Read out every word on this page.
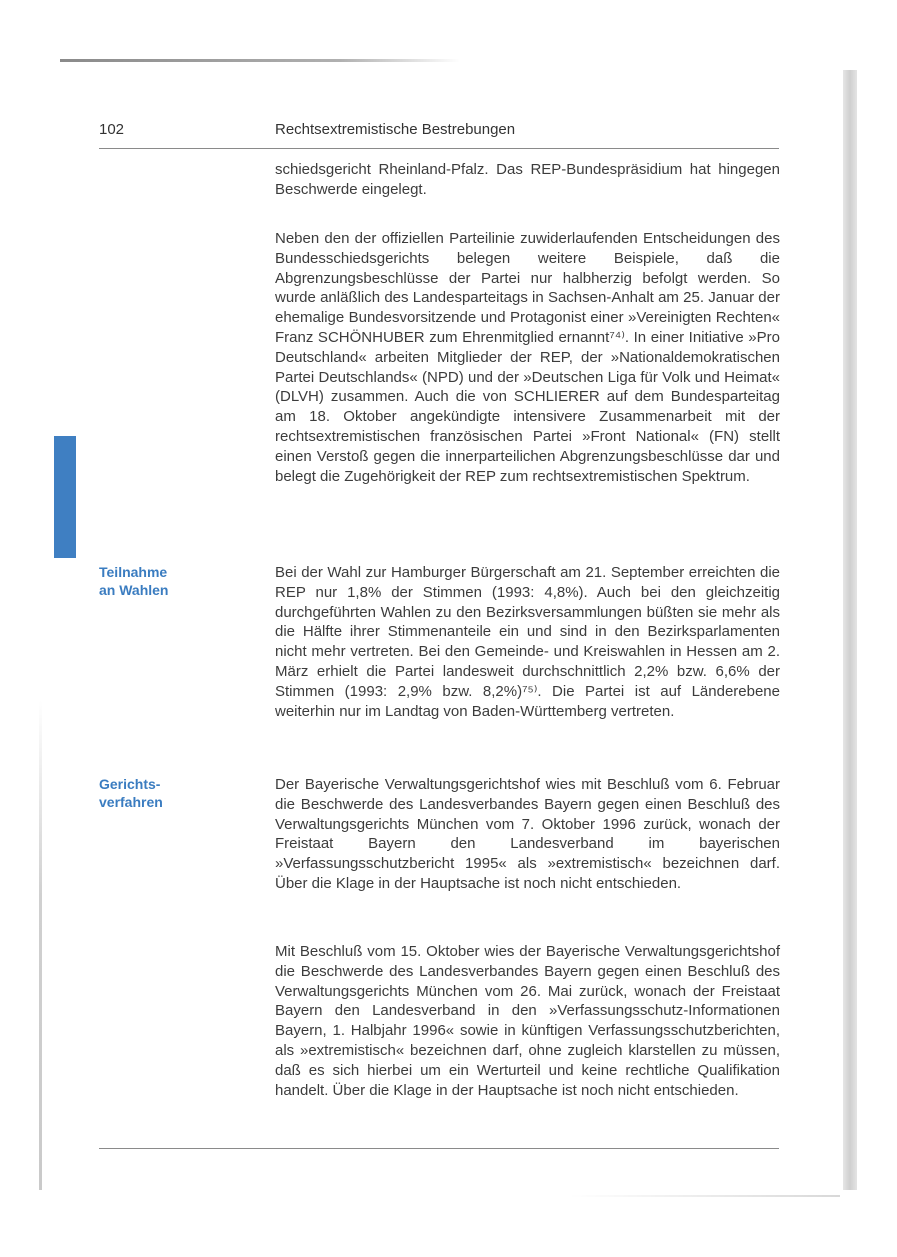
102	Rechtsextremistische Bestrebungen
Teilnahme
an Wahlen
Gerichts-
verfahren

schiedsgericht Rheinland-Pfalz. Das REP-Bundespräsidium hat hingegen Beschwerde eingelegt.

Neben den der offiziellen Parteilinie zuwiderlaufenden Entscheidungen des Bundesschiedsgerichts belegen weitere Beispiele, daß die Abgrenzungsbeschlüsse der Partei nur halbherzig befolgt werden. So wurde anläßlich des Landesparteitags in Sachsen-Anhalt am 25. Januar der ehemalige Bundesvorsitzende und Protagonist einer »Vereinigten Rechten« Franz SCHÖNHUBER zum Ehrenmitglied ernannt⁷⁴⁾. In einer Initiative »Pro Deutschland« arbeiten Mitglieder der REP, der »Nationaldemokratischen Partei Deutschlands« (NPD) und der »Deutschen Liga für Volk und Heimat« (DLVH) zusammen. Auch die von SCHLIERER auf dem Bundesparteitag am 18. Oktober angekündigte intensivere Zusammenarbeit mit der rechtsextremistischen französischen Partei »Front National« (FN) stellt einen Verstoß gegen die innerparteilichen Abgrenzungsbeschlüsse dar und belegt die Zugehörigkeit der REP zum rechtsextremistischen Spektrum.

Bei der Wahl zur Hamburger Bürgerschaft am 21. September erreichten die REP nur 1,8% der Stimmen (1993: 4,8%). Auch bei den gleichzeitig durchgeführten Wahlen zu den Bezirksversammlungen büßten sie mehr als die Hälfte ihrer Stimmenanteile ein und sind in den Bezirksparlamenten nicht mehr vertreten. Bei den Gemeinde- und Kreiswahlen in Hessen am 2. März erhielt die Partei landesweit durchschnittlich 2,2% bzw. 6,6% der Stimmen (1993: 2,9% bzw. 8,2%)⁷⁵⁾. Die Partei ist auf Länderebene weiterhin nur im Landtag von Baden-Württemberg vertreten.

Der Bayerische Verwaltungsgerichtshof wies mit Beschluß vom 6. Februar die Beschwerde des Landesverbandes Bayern gegen einen Beschluß des Verwaltungsgerichts München vom 7. Oktober 1996 zurück, wonach der Freistaat Bayern den Landesverband im bayerischen »Verfassungsschutzbericht 1995« als »extremistisch« bezeichnen darf. Über die Klage in der Hauptsache ist noch nicht entschieden.

Mit Beschluß vom 15. Oktober wies der Bayerische Verwaltungsgerichtshof die Beschwerde des Landesverbandes Bayern gegen einen Beschluß des Verwaltungsgerichts München vom 26. Mai zurück, wonach der Freistaat Bayern den Landesverband in den »Verfassungsschutz-Informationen Bayern, 1. Halbjahr 1996« sowie in künftigen Verfassungsschutzberichten, als »extremistisch« bezeichnen darf, ohne zugleich klarstellen zu müssen, daß es sich hierbei um ein Werturteil und keine rechtliche Qualifikation handelt. Über die Klage in der Hauptsache ist noch nicht entschieden.
